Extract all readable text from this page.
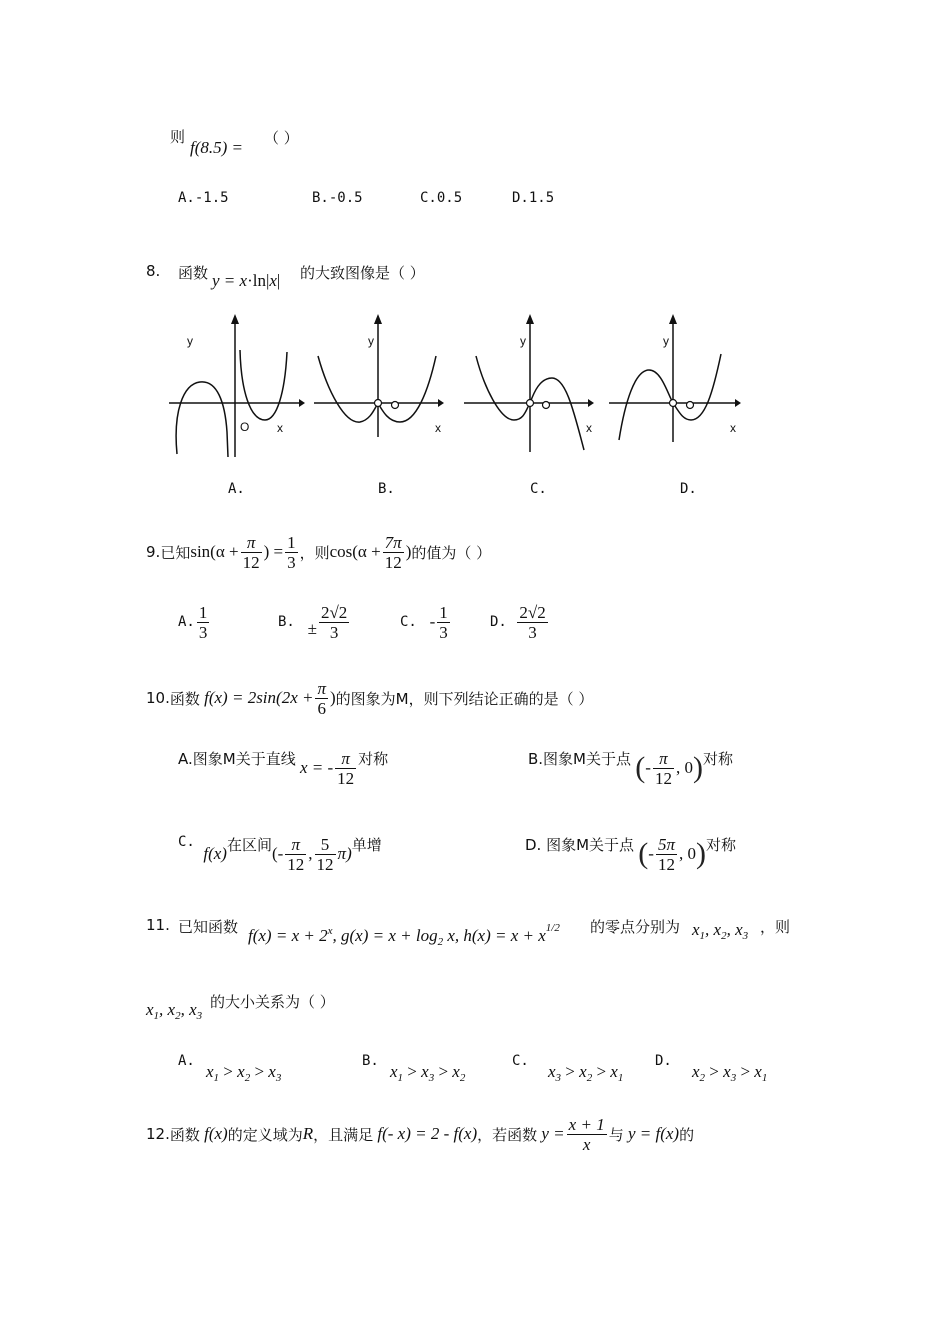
则
f(8.5) = （ ）
A.-1.5	B.-0.5	C.0.5	D.1.5
8. 函数 y = x·ln|x| 的大致图像是（ ）
y
O x
y
x
y
x
y
x
A.	B.	C.	D.
9. 已知 $\sin(\alpha + \frac{\pi}{12}$ ) = $\frac{1}{3}$ ，则 $\cos(\alpha + \frac{7\pi}{12}$ ) 的值为（ ）
A. $\frac{1}{3}$	B.
± $\frac{2√2}{3}$	C.
- $\frac{1}{3}$	D.
$\frac{2√2}{3}$
10. 函数
$f(x) = 2\sin(2x + \frac{\pi}{6}$ ) 的图象为M，则下列结论正确的是（ ）
A.图象M关于直线
x = - $\frac{\pi}{12}$ 对称	B.图象M关于点
( - $\frac{\pi}{12}$ , 0 ) 对称
C.

f(x) 在区间 (- $\frac{\pi}{12}$ , $\frac{5}{12} \pi$) 单增	D. 图象M关于点
( - $\frac{5\pi}{12}$ , 0 ) 对称
11. 已知函数 $f(x) = x + 2^x$, $g(x) = x + \log_2 x$, $h(x) = x + x^{1/2}$ 的零点分别为 $x_1$, $x_2$, $x_3$ ，则
$x_1$, $x_2$, $x_3$
的大小关系为（ ）
A.
$x_1 > x_2 > x_3$
B.
$x_1 > x_3 > x_2$
C.
$x_3 > x_2 > x_1$
D.
$x_2 > x_3 > x_1$
12. 函数
f(x) 的定义域为 R ，且满足
f(- x) = 2 - f(x) ，若函数
$y = \frac{x + 1}{x}$ 与
y = f(x) 的
